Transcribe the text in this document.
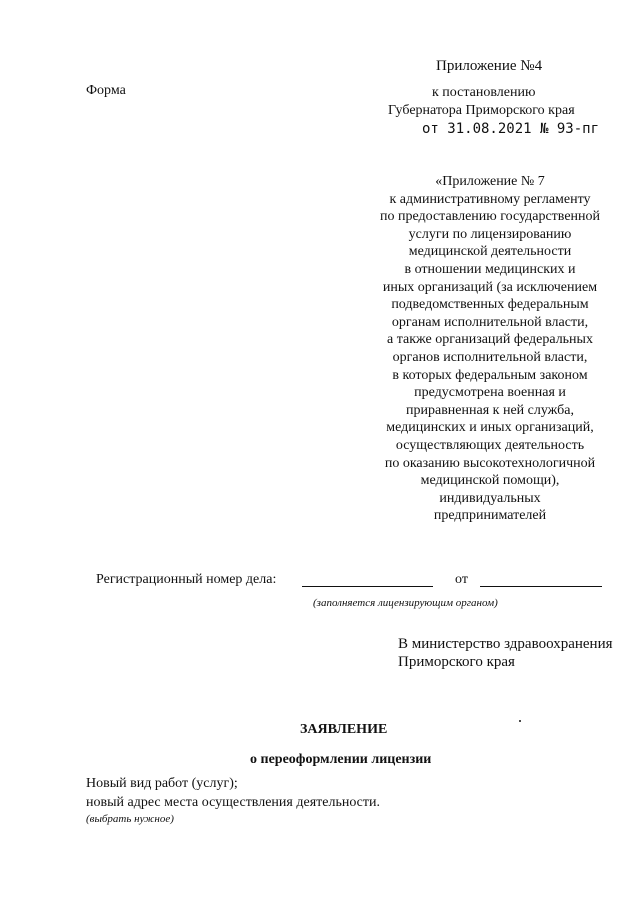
Приложение №4
Форма	к постановлению
Губернатора Приморского края
от 31.08.2021 № 93-пг
«Приложение № 7
к административному регламенту
по предоставлению государственной
услуги по лицензированию
медицинской деятельности
в отношении медицинских и
иных организаций (за исключением
подведомственных федеральным
органам исполнительной власти,
а также организаций федеральных
органов исполнительной власти,
в которых федеральным законом
предусмотрена военная и
приравненная к ней служба,
медицинских и иных организаций,
осуществляющих деятельность
по оказанию высокотехнологичной
медицинской помощи),
индивидуальных
предпринимателей
Регистрационный номер дела:	от
(заполняется лицензирующим органом)
В министерство здравоохранения
Приморского края
ЗАЯВЛЕНИЕ
о переоформлении лицензии
Новый вид работ (услуг);
новый адрес места осуществления деятельности.
(выбрать нужное)
